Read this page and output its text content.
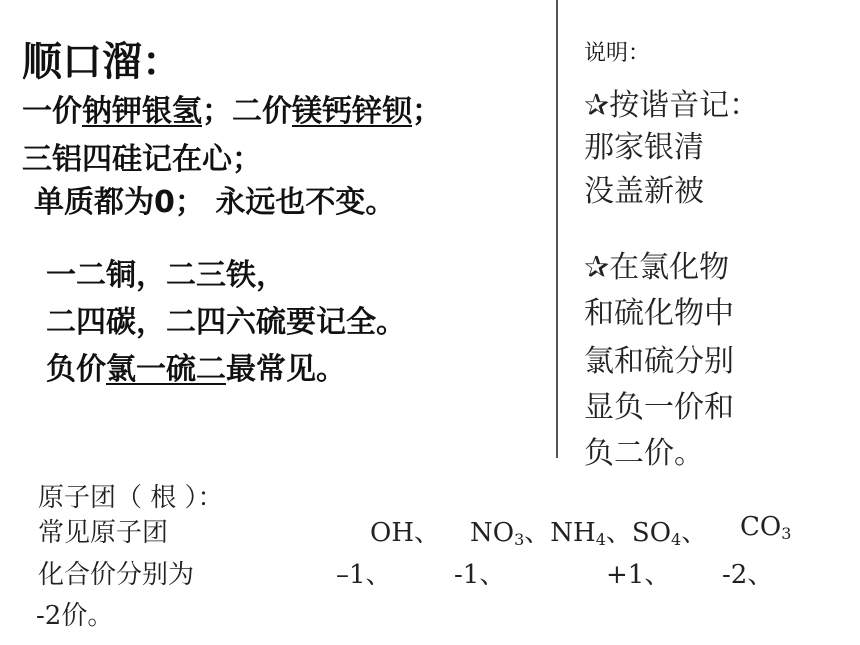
顺口溜：
一价钠钾银氢；二价镁钙锌钡；
三铝四硅记在心；
单质都为0； 永远也不变。
一二铜，二三铁，
二四碳，二四六硫要记全。
负价氯一硫二最常见。
说明：
✰按谐音记：
那家银清
没盖新被
✰在氯化物
和硫化物中
氯和硫分别
显负一价和
负二价。
原子团（ 根 ）：
常见原子团	OH、 $NO_3$、$NH_4$、$SO_4$、 $CO_3$
化合价分别为	–1、 -1、	+1、 -2、
-2价。
